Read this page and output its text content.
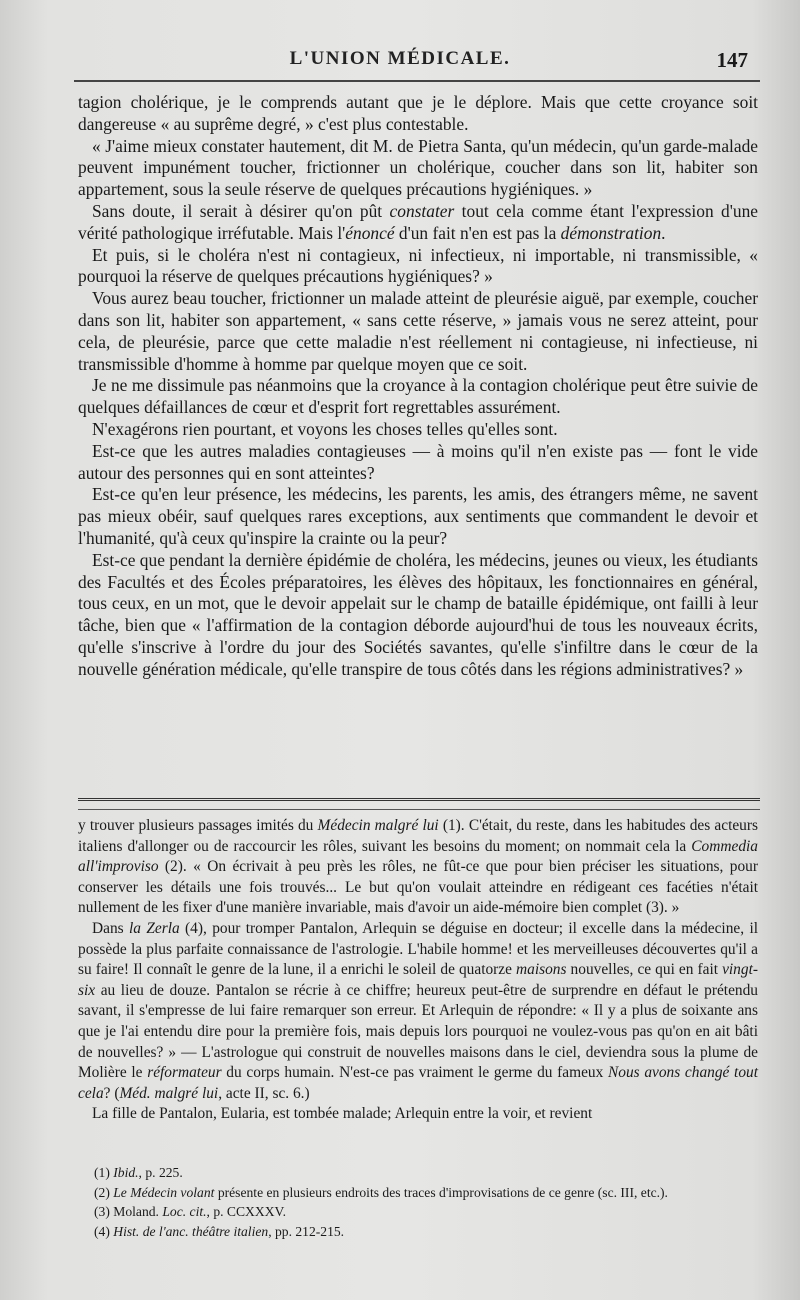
L'UNION MÉDICALE.	147

tagion cholérique, je le comprends autant que je le déplore. Mais que cette croyance soit dangereuse « au suprême degré, » c'est plus contestable.

« J'aime mieux constater hautement, dit M. de Pietra Santa, qu'un médecin, qu'un garde-malade peuvent impunément toucher, frictionner un cholérique, coucher dans son lit, habiter son appartement, sous la seule réserve de quelques précautions hygiéniques. »

Sans doute, il serait à désirer qu'on pût constater tout cela comme étant l'expression d'une vérité pathologique irréfutable. Mais l'énoncé d'un fait n'en est pas la démonstration.

Et puis, si le choléra n'est ni contagieux, ni infectieux, ni importable, ni transmissible, « pourquoi la réserve de quelques précautions hygiéniques? »

Vous aurez beau toucher, frictionner un malade atteint de pleurésie aiguë, par exemple, coucher dans son lit, habiter son appartement, « sans cette réserve, » jamais vous ne serez atteint, pour cela, de pleurésie, parce que cette maladie n'est réellement ni contagieuse, ni infectieuse, ni transmissible d'homme à homme par quelque moyen que ce soit.

Je ne me dissimule pas néanmoins que la croyance à la contagion cholérique peut être suivie de quelques défaillances de cœur et d'esprit fort regrettables assurément.

N'exagérons rien pourtant, et voyons les choses telles qu'elles sont.

Est-ce que les autres maladies contagieuses — à moins qu'il n'en existe pas — font le vide autour des personnes qui en sont atteintes?

Est-ce qu'en leur présence, les médecins, les parents, les amis, des étrangers même, ne savent pas mieux obéir, sauf quelques rares exceptions, aux sentiments que commandent le devoir et l'humanité, qu'à ceux qu'inspire la crainte ou la peur?

Est-ce que pendant la dernière épidémie de choléra, les médecins, jeunes ou vieux, les étudiants des Facultés et des Écoles préparatoires, les élèves des hôpitaux, les fonctionnaires en général, tous ceux, en un mot, que le devoir appelait sur le champ de bataille épidémique, ont failli à leur tâche, bien que « l'affirmation de la contagion déborde aujourd'hui de tous les nouveaux écrits, qu'elle s'inscrive à l'ordre du jour des Sociétés savantes, qu'elle s'infiltre dans le cœur de la nouvelle génération médicale, qu'elle transpire de tous côtés dans les régions administratives? »

y trouver plusieurs passages imités du Médecin malgré lui (1). C'était, du reste, dans les habitudes des acteurs italiens d'allonger ou de raccourcir les rôles, suivant les besoins du moment; on nommait cela la Commedia all'improviso (2). « On écrivait à peu près les rôles, ne fût-ce que pour bien préciser les situations, pour conserver les détails une fois trouvés... Le but qu'on voulait atteindre en rédigeant ces facéties n'était nullement de les fixer d'une manière invariable, mais d'avoir un aide-mémoire bien complet (3). »

Dans la Zerla (4), pour tromper Pantalon, Arlequin se déguise en docteur; il excelle dans la médecine, il possède la plus parfaite connaissance de l'astrologie. L'habile homme! et les merveilleuses découvertes qu'il a su faire! Il connaît le genre de la lune, il a enrichi le soleil de quatorze maisons nouvelles, ce qui en fait vingt-six au lieu de douze. Pantalon se récrie à ce chiffre; heureux peut-être de surprendre en défaut le prétendu savant, il s'empresse de lui faire remarquer son erreur. Et Arlequin de répondre: « Il y a plus de soixante ans que je l'ai entendu dire pour la première fois, mais depuis lors pourquoi ne voulez-vous pas qu'on en ait bâti de nouvelles? » — L'astrologue qui construit de nouvelles maisons dans le ciel, deviendra sous la plume de Molière le réformateur du corps humain. N'est-ce pas vraiment le germe du fameux Nous avons changé tout cela? (Méd. malgré lui, acte II, sc. 6.)

La fille de Pantalon, Eularia, est tombée malade; Arlequin entre la voir, et revient

(1) Ibid., p. 225.

(2) Le Médecin volant présente en plusieurs endroits des traces d'improvisations de ce genre (sc. III, etc.).

(3) Moland. Loc. cit., p. CCXXXV.

(4) Hist. de l'anc. théâtre italien, pp. 212-215.
